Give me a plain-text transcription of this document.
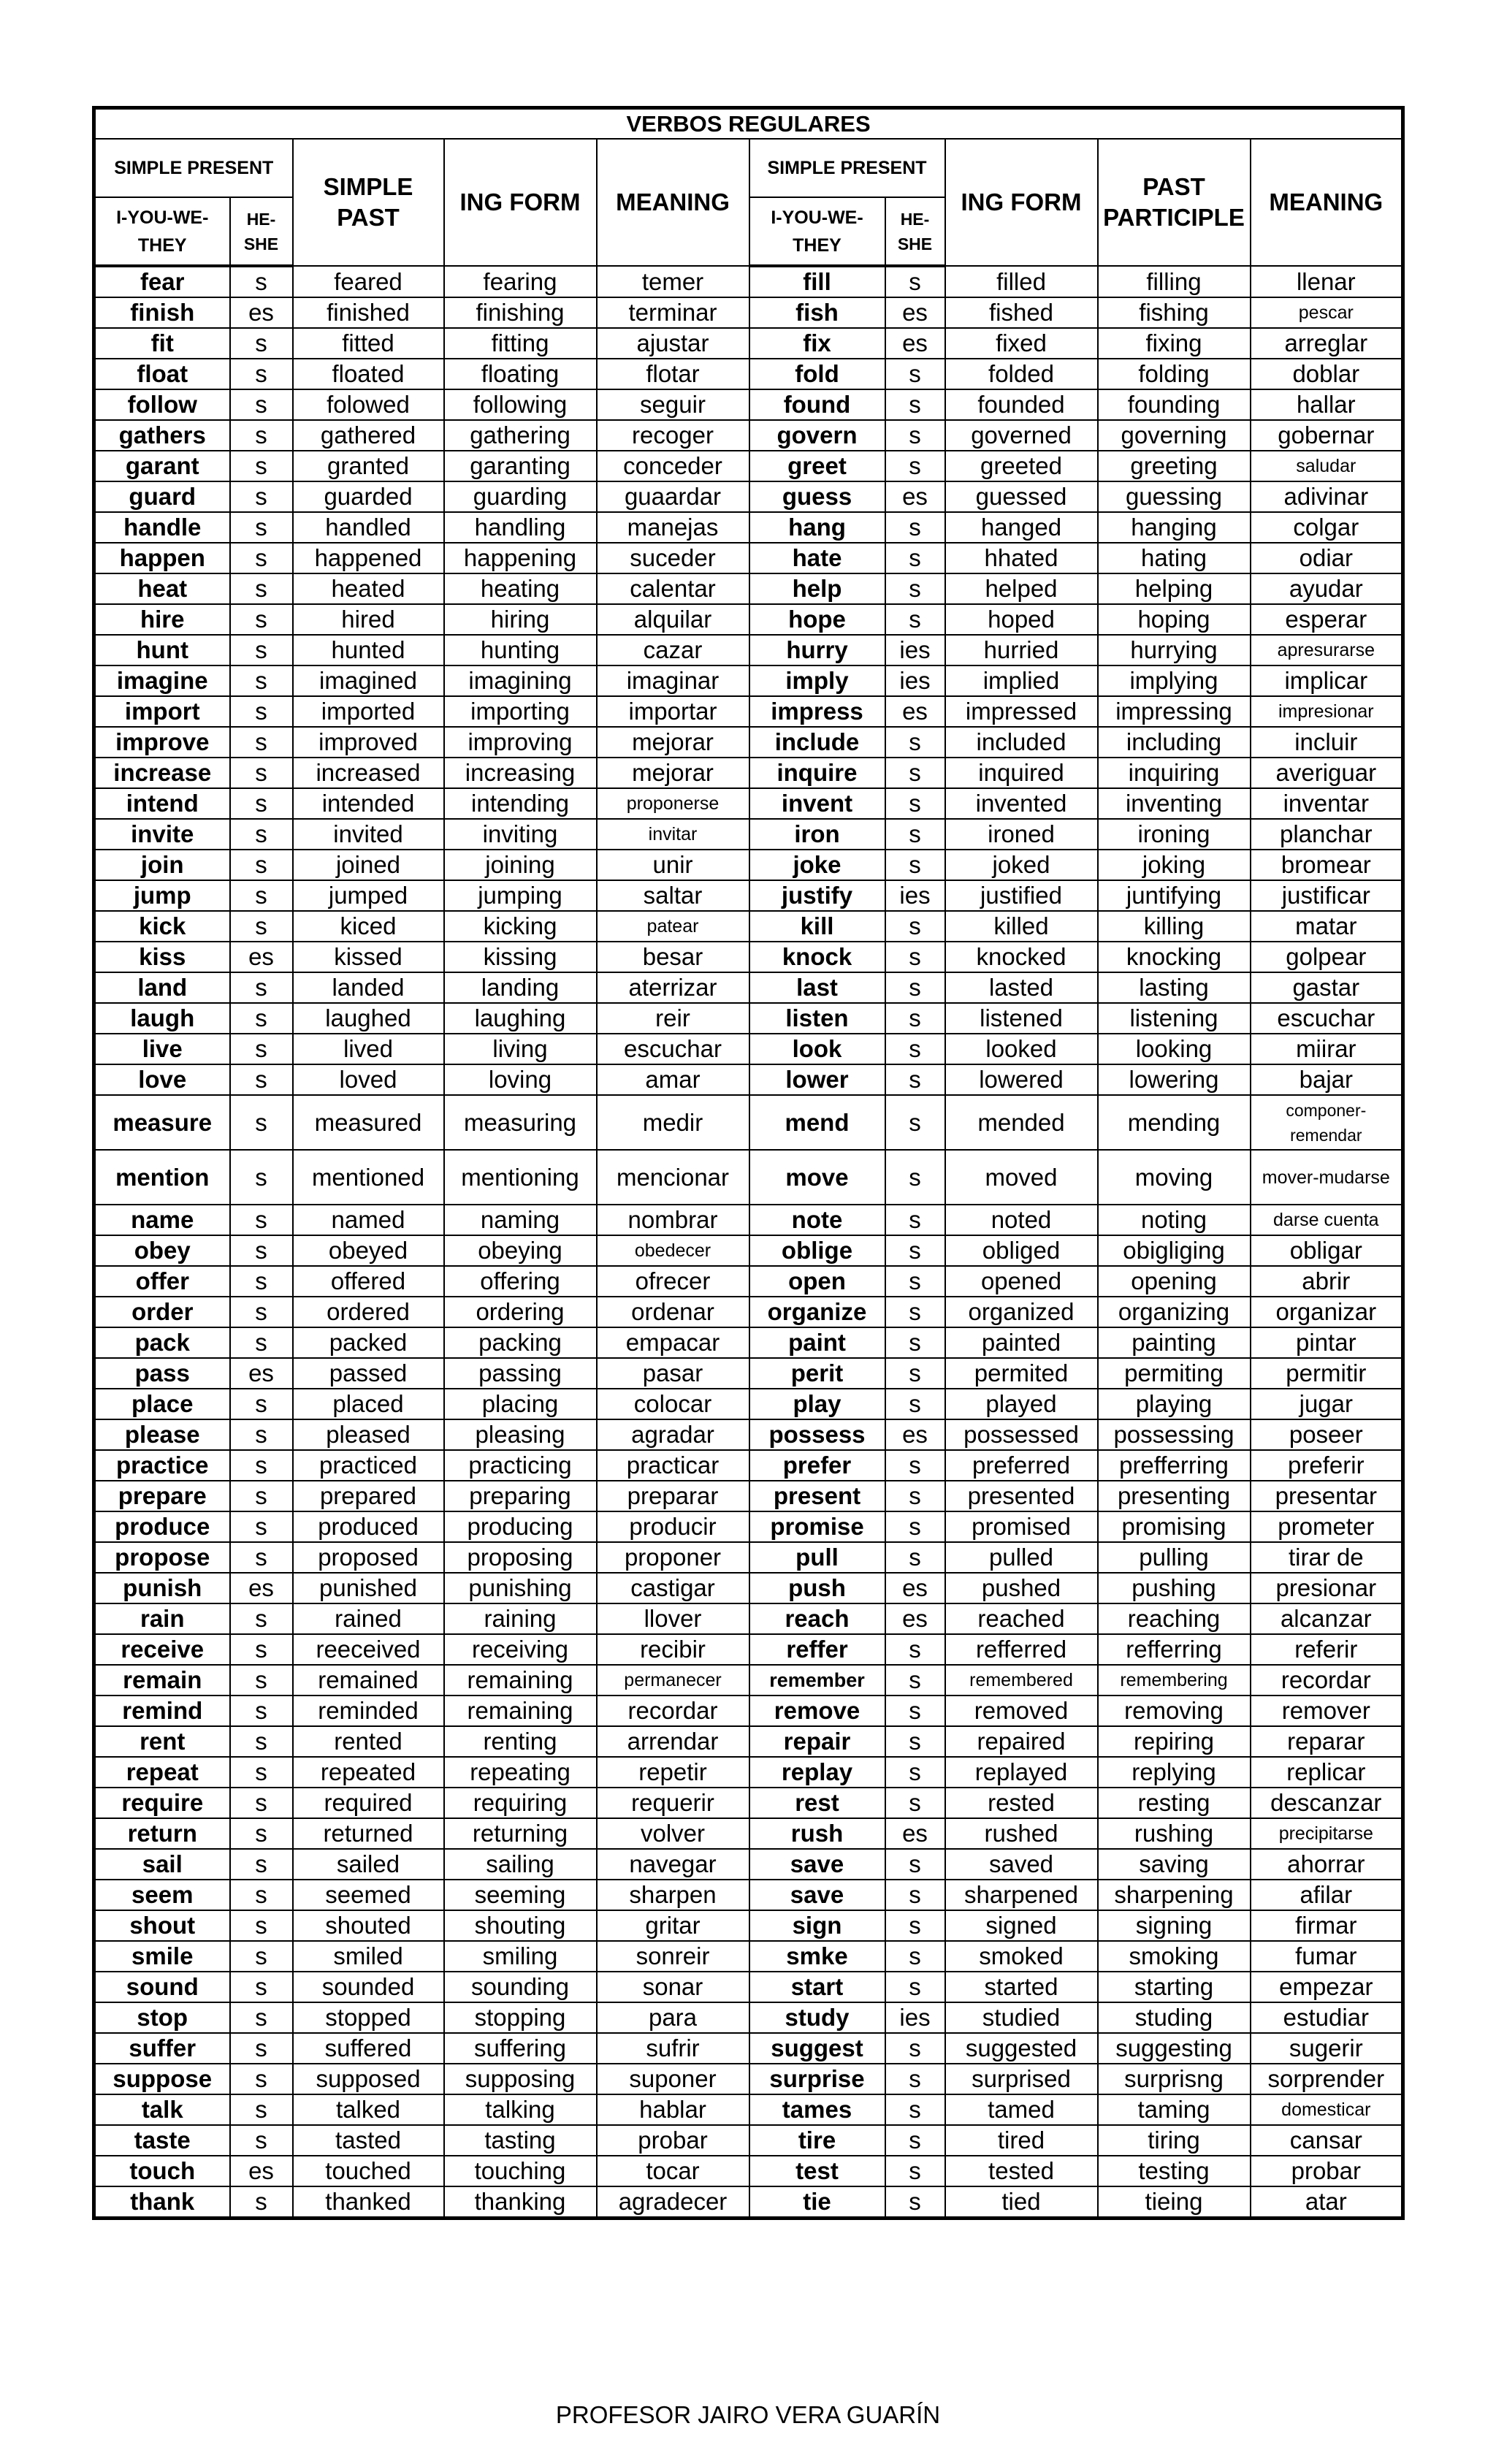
VERBOS REGULARES									
SIMPLE PRESENT		SIMPLE PAST	ING FORM	MEANING	SIMPLE PRESENT		ING FORM	PAST PARTICIPLE	MEANING
I-YOU-WE-THEY	HE-SHE				I-YOU-WE-THEY	HE-SHE			
fear	s	feared	fearing	temer	fill	s	filled	filling	llenar
finish	es	finished	finishing	terminar	fish	es	fished	fishing	pescar
fit	s	fitted	fitting	ajustar	fix	es	fixed	fixing	arreglar
float	s	floated	floating	flotar	fold	s	folded	folding	doblar
follow	s	folowed	following	seguir	found	s	founded	founding	hallar
gathers	s	gathered	gathering	recoger	govern	s	governed	governing	gobernar
garant	s	granted	garanting	conceder	greet	s	greeted	greeting	saludar
guard	s	guarded	guarding	guaardar	guess	es	guessed	guessing	adivinar
handle	s	handled	handling	manejas	hang	s	hanged	hanging	colgar
happen	s	happened	happening	suceder	hate	s	hhated	hating	odiar
heat	s	heated	heating	calentar	help	s	helped	helping	ayudar
hire	s	hired	hiring	alquilar	hope	s	hoped	hoping	esperar
hunt	s	hunted	hunting	cazar	hurry	ies	hurried	hurrying	apresurarse
imagine	s	imagined	imagining	imaginar	imply	ies	implied	implying	implicar
import	s	imported	importing	importar	impress	es	impressed	impressing	impresionar
improve	s	improved	improving	mejorar	include	s	included	including	incluir
increase	s	increased	increasing	mejorar	inquire	s	inquired	inquiring	averiguar
intend	s	intended	intending	proponerse	invent	s	invented	inventing	inventar
invite	s	invited	inviting	invitar	iron	s	ironed	ironing	planchar
join	s	joined	joining	unir	joke	s	joked	joking	bromear
jump	s	jumped	jumping	saltar	justify	ies	justified	juntifying	justificar
kick	s	kiced	kicking	patear	kill	s	killed	killing	matar
kiss	es	kissed	kissing	besar	knock	s	knocked	knocking	golpear
land	s	landed	landing	aterrizar	last	s	lasted	lasting	gastar
laugh	s	laughed	laughing	reir	listen	s	listened	listening	escuchar
live	s	lived	living	escuchar	look	s	looked	looking	miirar
love	s	loved	loving	amar	lower	s	lowered	lowering	bajar
measure	s	measured	measuring	medir	mend	s	mended	mending	componer-
remendar
mention	s	mentioned	mentioning	mencionar	move	s	moved	moving	mover-mudarse
name	s	named	naming	nombrar	note	s	noted	noting	darse cuenta
obey	s	obeyed	obeying	obedecer	oblige	s	obliged	obigliging	obligar
offer	s	offered	offering	ofrecer	open	s	opened	opening	abrir
order	s	ordered	ordering	ordenar	organize	s	organized	organizing	organizar
pack	s	packed	packing	empacar	paint	s	painted	painting	pintar
pass	es	passed	passing	pasar	perit	s	permited	permiting	permitir
place	s	placed	placing	colocar	play	s	played	playing	jugar
please	s	pleased	pleasing	agradar	possess	es	possessed	possessing	poseer
practice	s	practiced	practicing	practicar	prefer	s	preferred	prefferring	preferir
prepare	s	prepared	preparing	preparar	present	s	presented	presenting	presentar
produce	s	produced	producing	producir	promise	s	promised	promising	prometer
propose	s	proposed	proposing	proponer	pull	s	pulled	pulling	tirar de
punish	es	punished	punishing	castigar	push	es	pushed	pushing	presionar
rain	s	rained	raining	llover	reach	es	reached	reaching	alcanzar
receive	s	reeceived	receiving	recibir	reffer	s	refferred	refferring	referir
remain	s	remained	remaining	permanecer	remember	s	remembered	remembering	recordar
remind	s	reminded	remaining	recordar	remove	s	removed	removing	remover
rent	s	rented	renting	arrendar	repair	s	repaired	repiring	reparar
repeat	s	repeated	repeating	repetir	replay	s	replayed	replying	replicar
require	s	required	requiring	requerir	rest	s	rested	resting	descanzar
return	s	returned	returning	volver	rush	es	rushed	rushing	precipitarse
sail	s	sailed	sailing	navegar	save	s	saved	saving	ahorrar
seem	s	seemed	seeming	sharpen	save	s	sharpened	sharpening	afilar
shout	s	shouted	shouting	gritar	sign	s	signed	signing	firmar
smile	s	smiled	smiling	sonreir	smke	s	smoked	smoking	fumar
sound	s	sounded	sounding	sonar	start	s	started	starting	empezar
stop	s	stopped	stopping	para	study	ies	studied	studing	estudiar
suffer	s	suffered	suffering	sufrir	suggest	s	suggested	suggesting	sugerir
suppose	s	supposed	supposing	suponer	surprise	s	surprised	surprisng	sorprender
talk	s	talked	talking	hablar	tames	s	tamed	taming	domesticar
taste	s	tasted	tasting	probar	tire	s	tired	tiring	cansar
touch	es	touched	touching	tocar	test	s	tested	testing	probar
thank	s	thanked	thanking	agradecer	tie	s	tied	tieing	atar
PROFESOR JAIRO VERA GUARÍN
